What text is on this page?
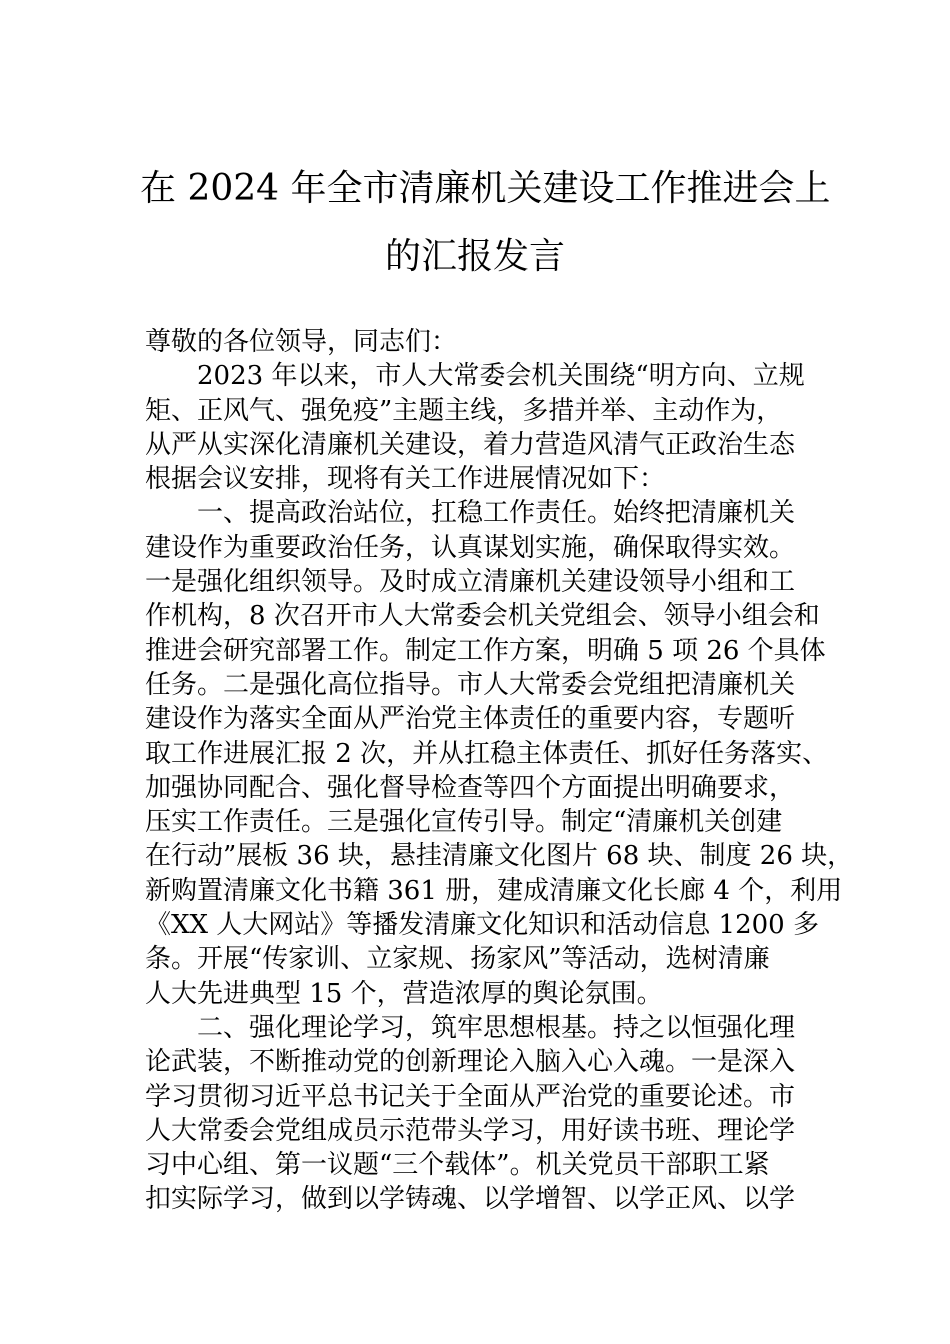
在 2024 年全市清廉机关建设工作推进会上
的汇报发言
尊敬的各位领导，同志们：
2023 年以来，市人大常委会机关围绕“明方向、立规
矩、正风气、强免疫”主题主线，多措并举、主动作为，
从严从实深化清廉机关建设，着力营造风清气正政治生态
根据会议安排，现将有关工作进展情况如下：
一、提高政治站位，扛稳工作责任。始终把清廉机关
建设作为重要政治任务，认真谋划实施，确保取得实效。
一是强化组织领导。及时成立清廉机关建设领导小组和工
作机构，8 次召开市人大常委会机关党组会、领导小组会和
推进会研究部署工作。制定工作方案，明确 5 项 26 个具体
任务。二是强化高位指导。市人大常委会党组把清廉机关
建设作为落实全面从严治党主体责任的重要内容，专题听
取工作进展汇报 2 次，并从扛稳主体责任、抓好任务落实、
加强协同配合、强化督导检查等四个方面提出明确要求，
压实工作责任。三是强化宣传引导。制定“清廉机关创建
在行动”展板 36 块，悬挂清廉文化图片 68 块、制度 26 块，
新购置清廉文化书籍 361 册，建成清廉文化长廊 4 个，利用
《XX 人大网站》等播发清廉文化知识和活动信息 1200 多
条。开展“传家训、立家规、扬家风”等活动，选树清廉
人大先进典型 15 个，营造浓厚的舆论氛围。
二、强化理论学习，筑牢思想根基。持之以恒强化理
论武装，不断推动党的创新理论入脑入心入魂。一是深入
学习贯彻习近平总书记关于全面从严治党的重要论述。市
人大常委会党组成员示范带头学习，用好读书班、理论学
习中心组、第一议题“三个载体”。机关党员干部职工紧
扣实际学习，做到以学铸魂、以学增智、以学正风、以学
